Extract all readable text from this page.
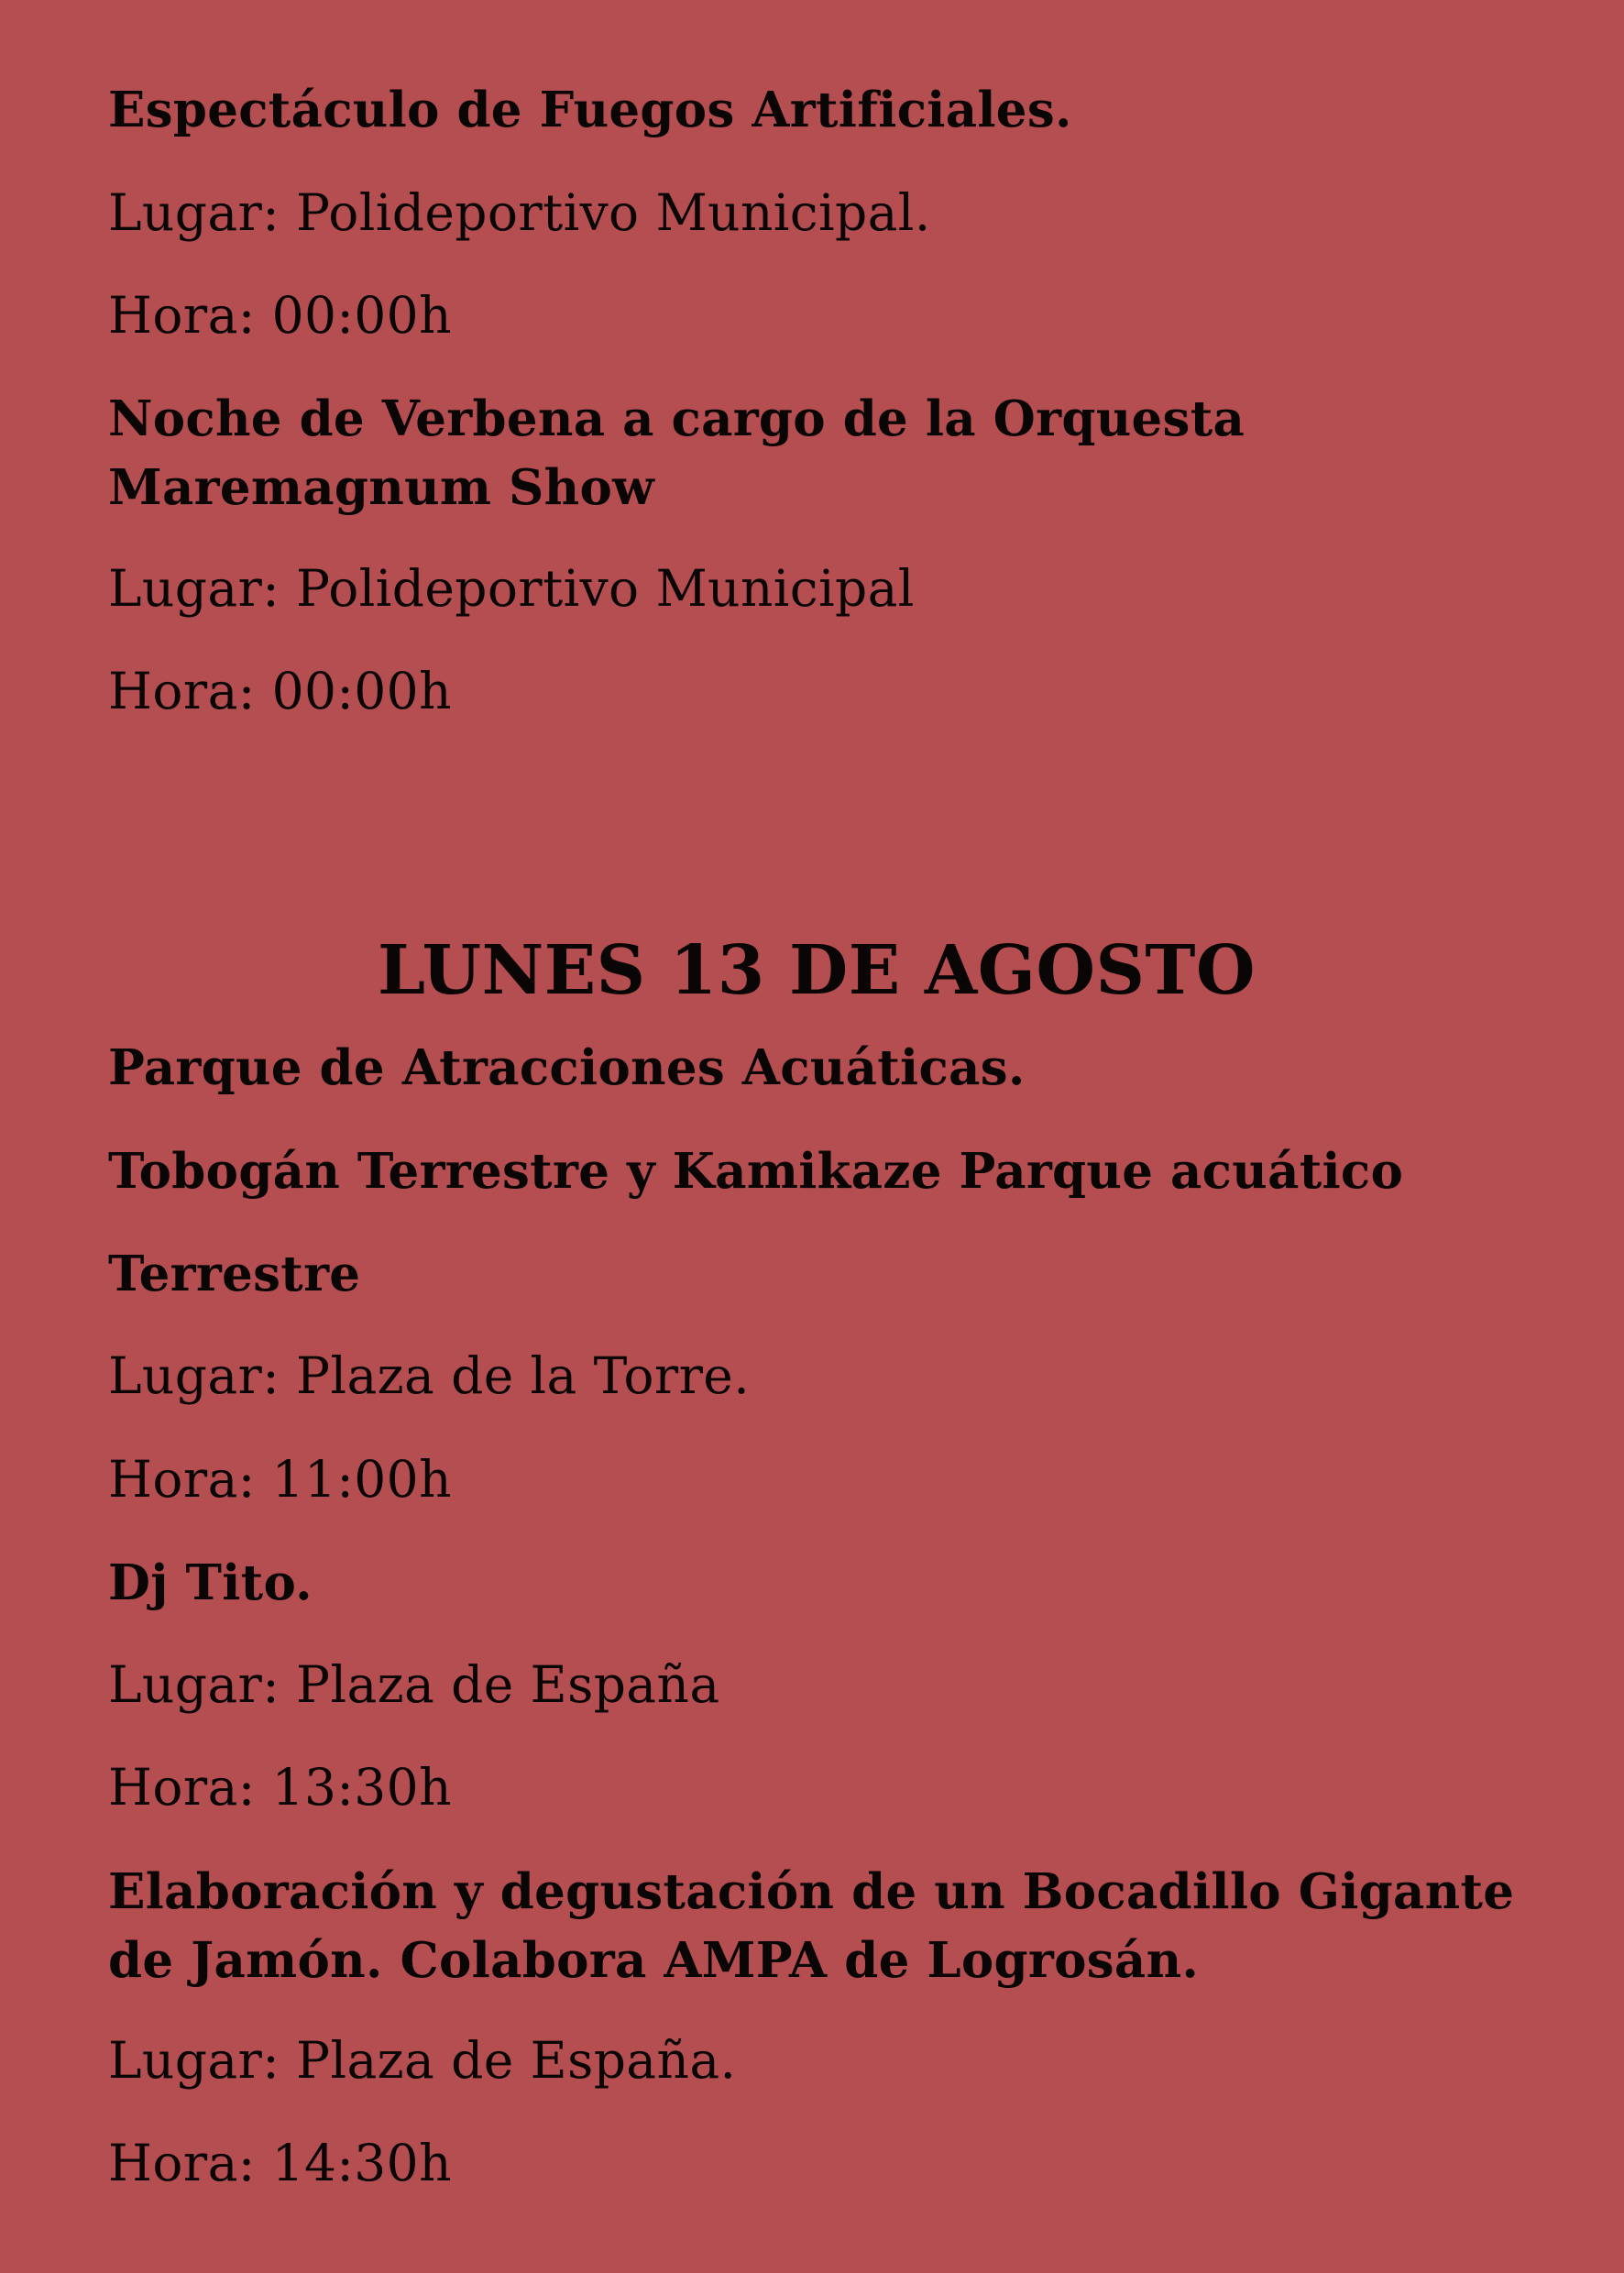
Espectáculo de Fuegos Artificiales.

Lugar: Polideportivo Municipal.

Hora: 00:00h

Noche de Verbena a cargo de la Orquesta

Maremagnum Show

Lugar: Polideportivo Municipal

Hora: 00:00h

LUNES 13 DE AGOSTO

Parque de Atracciones Acuáticas.

Tobogán Terrestre y Kamikaze Parque acuático

Terrestre

Lugar: Plaza de la Torre.

Hora: 11:00h

Dj Tito.

Lugar: Plaza de España

Hora: 13:30h

Elaboración y degustación de un Bocadillo Gigante

de Jamón. Colabora AMPA de Logrosán.

Lugar: Plaza de España.

Hora: 14:30h
